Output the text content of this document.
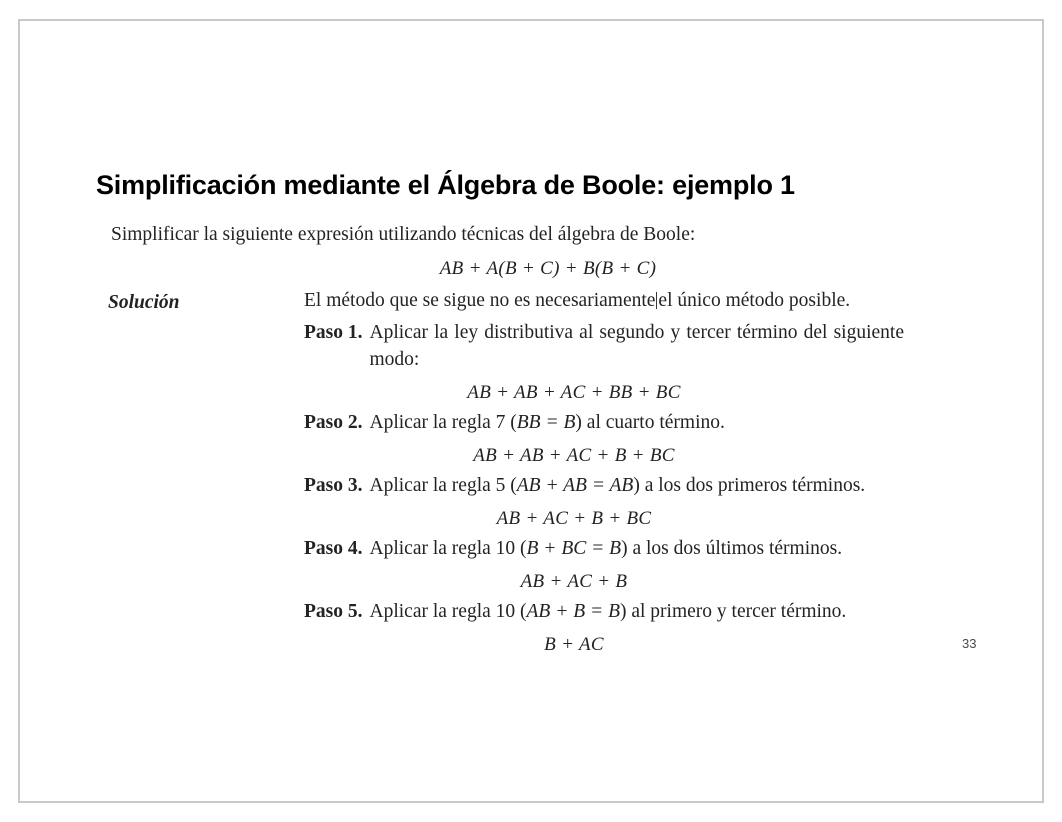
Simplificación mediante el Álgebra de Boole: ejemplo 1
Simplificar la siguiente expresión utilizando técnicas del álgebra de Boole:
AB + A(B + C) + B(B + C)
Solución	El método que se sigue no es necesariamente el único método posible.
Paso 1. Aplicar la ley distributiva al segundo y tercer término del siguiente modo:
AB + AB + AC + BB + BC
Paso 2. Aplicar la regla 7 (BB = B) al cuarto término.
AB + AB + AC + B + BC
Paso 3. Aplicar la regla 5 (AB + AB = AB) a los dos primeros términos.
AB + AC + B + BC
Paso 4. Aplicar la regla 10 (B + BC = B) a los dos últimos términos.
AB + AC + B
Paso 5. Aplicar la regla 10 (AB + B = B) al primero y tercer término.
B + AC	33
